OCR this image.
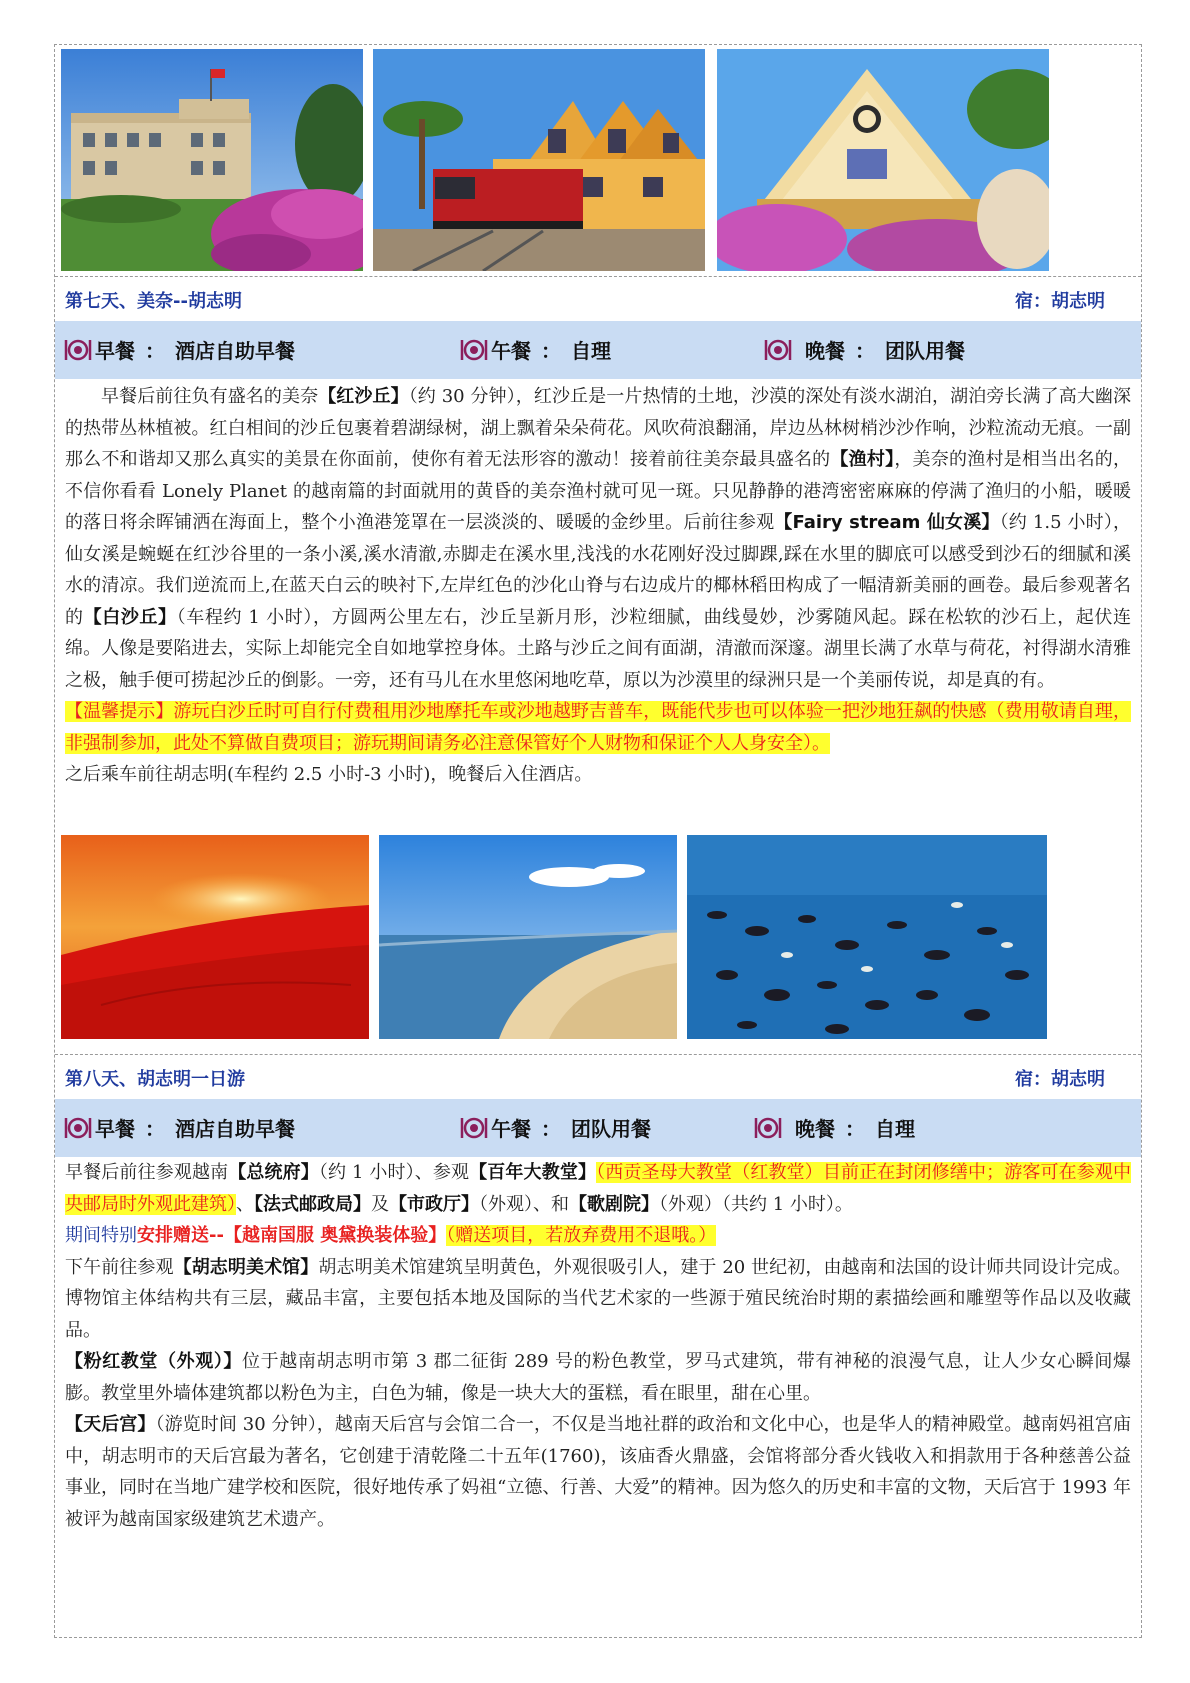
第七天、美奈--胡志明	宿：胡志明
早餐 ： 酒店自助早餐	午餐 ： 自理	晚餐 ： 团队用餐

早餐后前往负有盛名的美奈【红沙丘】（约 30 分钟），红沙丘是一片热情的土地，沙漠的深处有淡水湖泊，湖泊旁长满了高大幽深的热带丛林植被。红白相间的沙丘包裹着碧湖绿树，湖上飘着朵朵荷花。风吹荷浪翻涌，岸边丛林树梢沙沙作响，沙粒流动无痕。一副那么不和谐却又那么真实的美景在你面前，使你有着无法形容的激动！接着前往美奈最具盛名的【渔村】，美奈的渔村是相当出名的，不信你看看 Lonely Planet 的越南篇的封面就用的黄昏的美奈渔村就可见一斑。只见静静的港湾密密麻麻的停满了渔归的小船，暖暖的落日将余晖铺洒在海面上，整个小渔港笼罩在一层淡淡的、暖暖的金纱里。后前往参观【Fairy stream 仙女溪】（约 1.5 小时），仙女溪是蜿蜒在红沙谷里的一条小溪,溪水清澈,赤脚走在溪水里,浅浅的水花刚好没过脚踝,踩在水里的脚底可以感受到沙石的细腻和溪水的清凉。我们逆流而上,在蓝天白云的映衬下,左岸红色的沙化山脊与右边成片的椰林稻田构成了一幅清新美丽的画卷。最后参观著名的【白沙丘】（车程约 1 小时），方圆两公里左右，沙丘呈新月形，沙粒细腻，曲线曼妙，沙雾随风起。踩在松软的沙石上，起伏连绵。人像是要陷进去，实际上却能完全自如地掌控身体。土路与沙丘之间有面湖，清澈而深邃。湖里长满了水草与荷花，衬得湖水清雅之极，触手便可捞起沙丘的倒影。一旁，还有马儿在水里悠闲地吃草，原以为沙漠里的绿洲只是一个美丽传说，却是真的有。

【温馨提示】游玩白沙丘时可自行付费租用沙地摩托车或沙地越野吉普车，既能代步也可以体验一把沙地狂飙的快感（费用敬请自理，非强制参加，此处不算做自费项目；游玩期间请务必注意保管好个人财物和保证个人人身安全）。

之后乘车前往胡志明(车程约 2.5 小时-3 小时)，晚餐后入住酒店。

第八天、胡志明一日游	宿：胡志明
早餐 ： 酒店自助早餐	午餐 ： 团队用餐	晚餐 ： 自理

早餐后前往参观越南【总统府】（约 1 小时）、参观【百年大教堂】（西贡圣母大教堂（红教堂）目前正在封闭修缮中；游客可在参观中央邮局时外观此建筑）、【法式邮政局】及【市政厅】（外观）、和【歌剧院】（外观）（共约 1 小时）。

期间特别安排赠送--【越南国服 奥黛换装体验】（赠送项目，若放弃费用不退哦。）

下午前往参观【胡志明美术馆】胡志明美术馆建筑呈明黄色，外观很吸引人，建于 20 世纪初，由越南和法国的设计师共同设计完成。博物馆主体结构共有三层，藏品丰富，主要包括本地及国际的当代艺术家的一些源于殖民统治时期的素描绘画和雕塑等作品以及收藏品。

【粉红教堂（外观）】位于越南胡志明市第 3 郡二征街 289 号的粉色教堂，罗马式建筑，带有神秘的浪漫气息，让人少女心瞬间爆膨。教堂里外墙体建筑都以粉色为主，白色为辅，像是一块大大的蛋糕，看在眼里，甜在心里。

【天后宫】（游览时间 30 分钟），越南天后宫与会馆二合一，不仅是当地社群的政治和文化中心，也是华人的精神殿堂。越南妈祖宫庙中，胡志明市的天后宫最为著名，它创建于清乾隆二十五年(1760)，该庙香火鼎盛，会馆将部分香火钱收入和捐款用于各种慈善公益事业，同时在当地广建学校和医院，很好地传承了妈祖“立德、行善、大爱”的精神。因为悠久的历史和丰富的文物，天后宫于 1993 年被评为越南国家级建筑艺术遗产。
